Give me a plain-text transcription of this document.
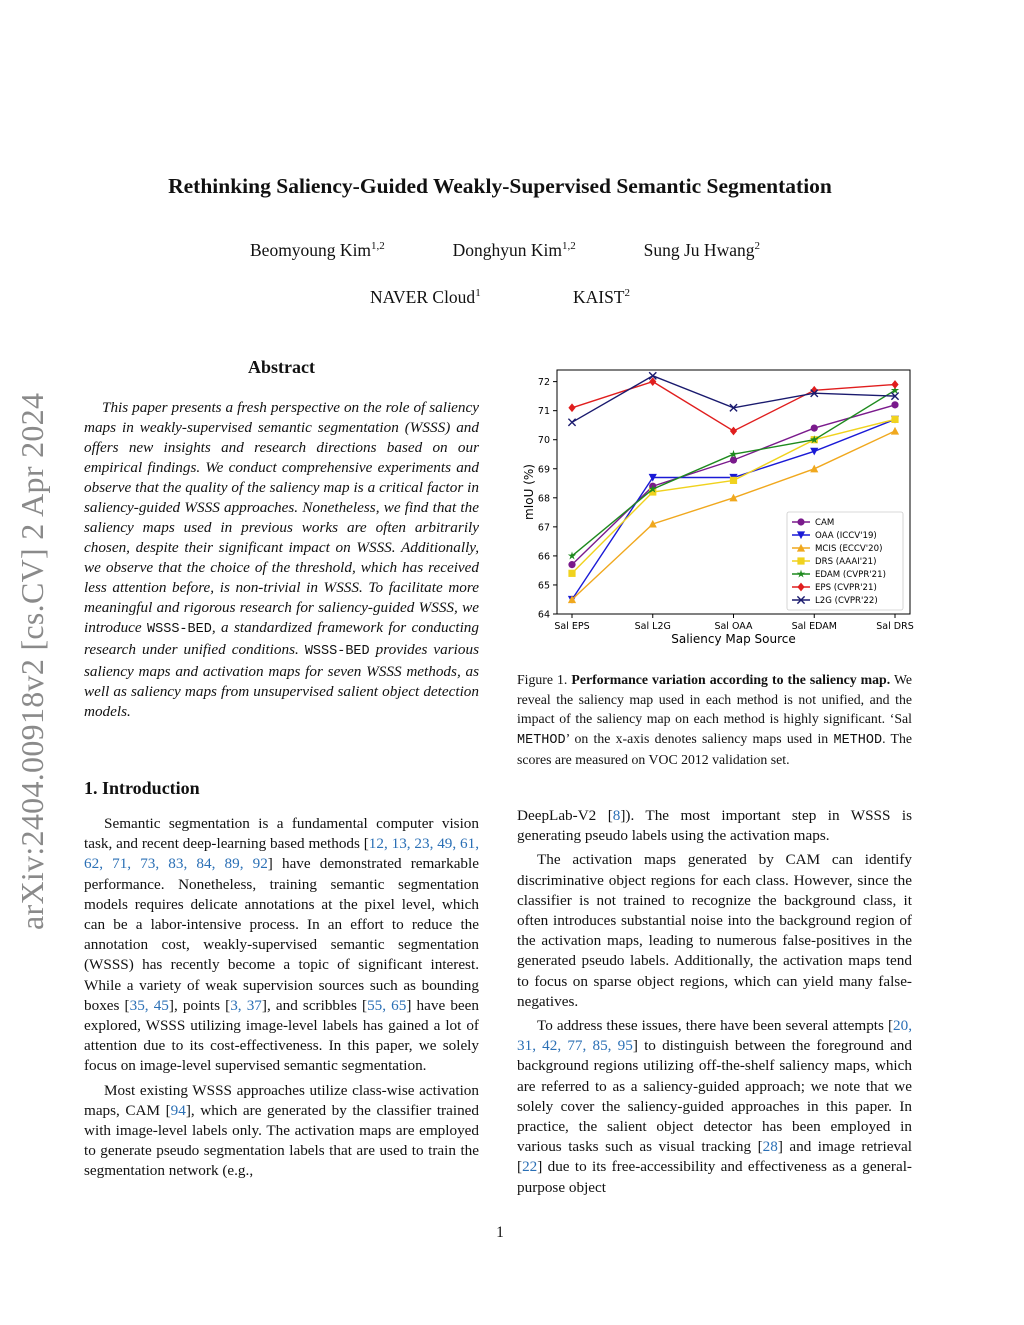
arXiv:2404.00918v2 [cs.CV] 2 Apr 2024
Rethinking Saliency-Guided Weakly-Supervised Semantic Segmentation
Beomyoung Kim$^{1,2}$	Donghyun Kim$^{1,2}$	Sung Ju Hwang$^2$
NAVER Cloud$^1$	KAIST$^2$
Abstract

This paper presents a fresh perspective on the role of saliency maps in weakly-supervised semantic segmentation (WSSS) and offers new insights and research directions based on our empirical findings. We conduct comprehensive experiments and observe that the quality of the saliency map is a critical factor in saliency-guided WSSS approaches. Nonetheless, we find that the saliency maps used in previous works are often arbitrarily chosen, despite their significant impact on WSSS. Additionally, we observe that the choice of the threshold, which has received less attention before, is non-trivial in WSSS. To facilitate more meaningful and rigorous research for saliency-guided WSSS, we introduce WSSS-BED, a standardized framework for conducting research under unified conditions. WSSS-BED provides various saliency maps and activation maps for seven WSSS methods, as well as saliency maps from unsupervised salient object detection models.

1. Introduction

Semantic segmentation is a fundamental computer vision task, and recent deep-learning based methods [12, 13, 23, 49, 61, 62, 71, 73, 83, 84, 89, 92] have demonstrated remarkable performance. Nonetheless, training semantic segmentation models requires delicate annotations at the pixel level, which can be a labor-intensive process. In an effort to reduce the annotation cost, weakly-supervised semantic segmentation (WSSS) has recently become a topic of significant interest. While a variety of weak supervision sources such as bounding boxes [35, 45], points [3, 37], and scribbles [55, 65] have been explored, WSSS utilizing image-level labels has gained a lot of attention due to its cost-effectiveness. In this paper, we solely focus on image-level supervised semantic segmentation.

Most existing WSSS approaches utilize class-wise activation maps, CAM [94], which are generated by the classifier trained with image-level labels only. The activation maps are employed to generate pseudo segmentation labels that are used to train the segmentation network (e.g.,

64
65
66
67
68
69
70
71
72
Sal EPS	Sal L2G	Sal OAA	Sal EDAM	Sal DRS
Saliency Map Source
mIoU (%)
CAM
OAA (ICCV'19)
MCIS (ECCV'20)
DRS (AAAI'21)
EDAM (CVPR'21)
EPS (CVPR'21)
L2G (CVPR'22)

Figure 1. Performance variation according to the saliency map. We reveal the saliency map used in each method is not unified, and the impact of the saliency map on each method is highly significant. ‘Sal METHOD’ on the x-axis denotes saliency maps used in METHOD. The scores are measured on VOC 2012 validation set.

DeepLab-V2 [8]). The most important step in WSSS is generating pseudo labels using the activation maps.

The activation maps generated by CAM can identify discriminative object regions for each class. However, since the classifier is not trained to recognize the background class, it often introduces substantial noise into the background region of the activation maps, leading to numerous false-positives in the generated pseudo labels. Additionally, the activation maps tend to focus on sparse object regions, which can yield many false-negatives.

To address these issues, there have been several attempts [20, 31, 42, 77, 85, 95] to distinguish between the foreground and background regions utilizing off-the-shelf saliency maps, which are referred to as a saliency-guided approach; we note that we solely cover the saliency-guided approaches in this paper. In practice, the salient object detector has been employed in various tasks such as visual tracking [28] and image retrieval [22] due to its free-accessibility and effectiveness as a general-purpose object

1
